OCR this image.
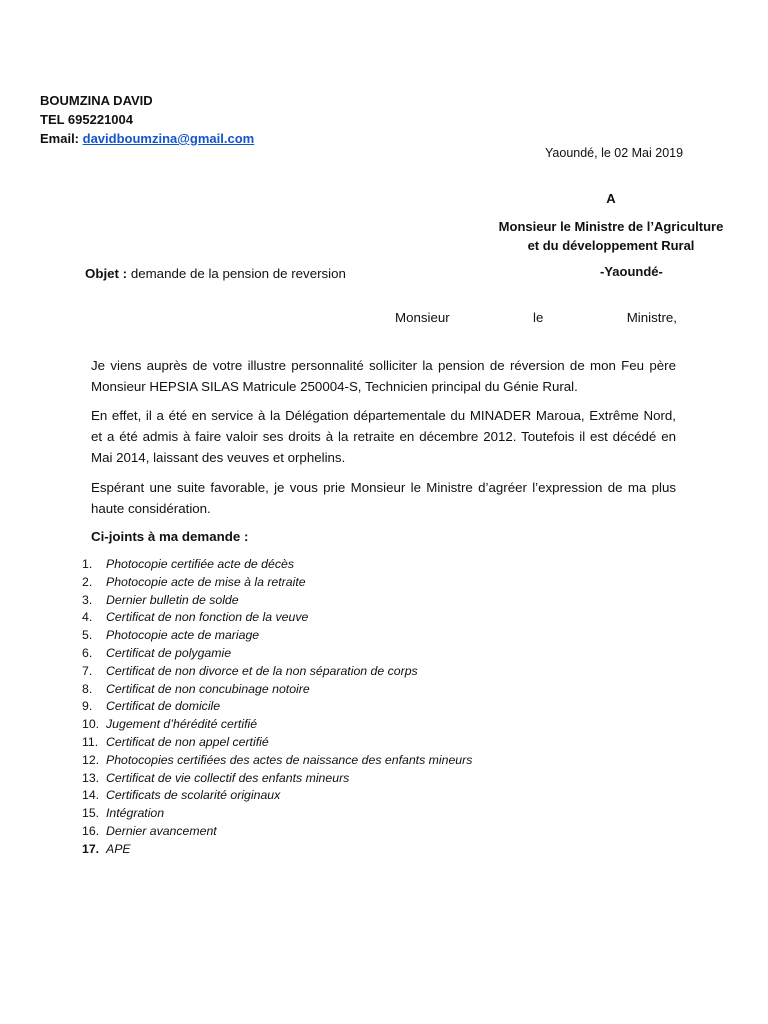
BOUMZINA DAVID
TEL 695221004
Email: davidboumzina@gmail.com
Yaoundé, le 02 Mai 2019
A
Monsieur le Ministre de l’Agriculture
et du développement Rural
-Yaoundé-
Objet : demande de la pension de reversion
Monsieur	le	Ministre,

Je viens auprès de votre illustre personnalité solliciter la pension de réversion de mon Feu père Monsieur HEPSIA SILAS Matricule 250004-S, Technicien principal du Génie Rural.

En effet, il a été en service à la Délégation départementale du MINADER Maroua, Extrême Nord, et a été admis à faire valoir ses droits à la retraite en décembre 2012. Toutefois il est décédé en Mai 2014, laissant des veuves et orphelins.

Espérant une suite favorable, je vous prie Monsieur le Ministre d’agréer l’expression de ma plus haute considération.

Ci-joints à ma demande :
1. Photocopie certifiée acte de décès
2. Photocopie acte de mise à la retraite
3. Dernier bulletin de solde
4. Certificat de non fonction de la veuve
5. Photocopie acte de mariage
6. Certificat de polygamie
7. Certificat de non divorce et de la non séparation de corps
8. Certificat de non concubinage notoire
9. Certificat de domicile
10. Jugement d’hérédité certifié
11. Certificat de non appel certifié
12. Photocopies certifiées des actes de naissance des enfants mineurs
13. Certificat de vie collectif des enfants mineurs
14. Certificats de scolarité originaux
15. Intégration
16. Dernier avancement
17. APE
